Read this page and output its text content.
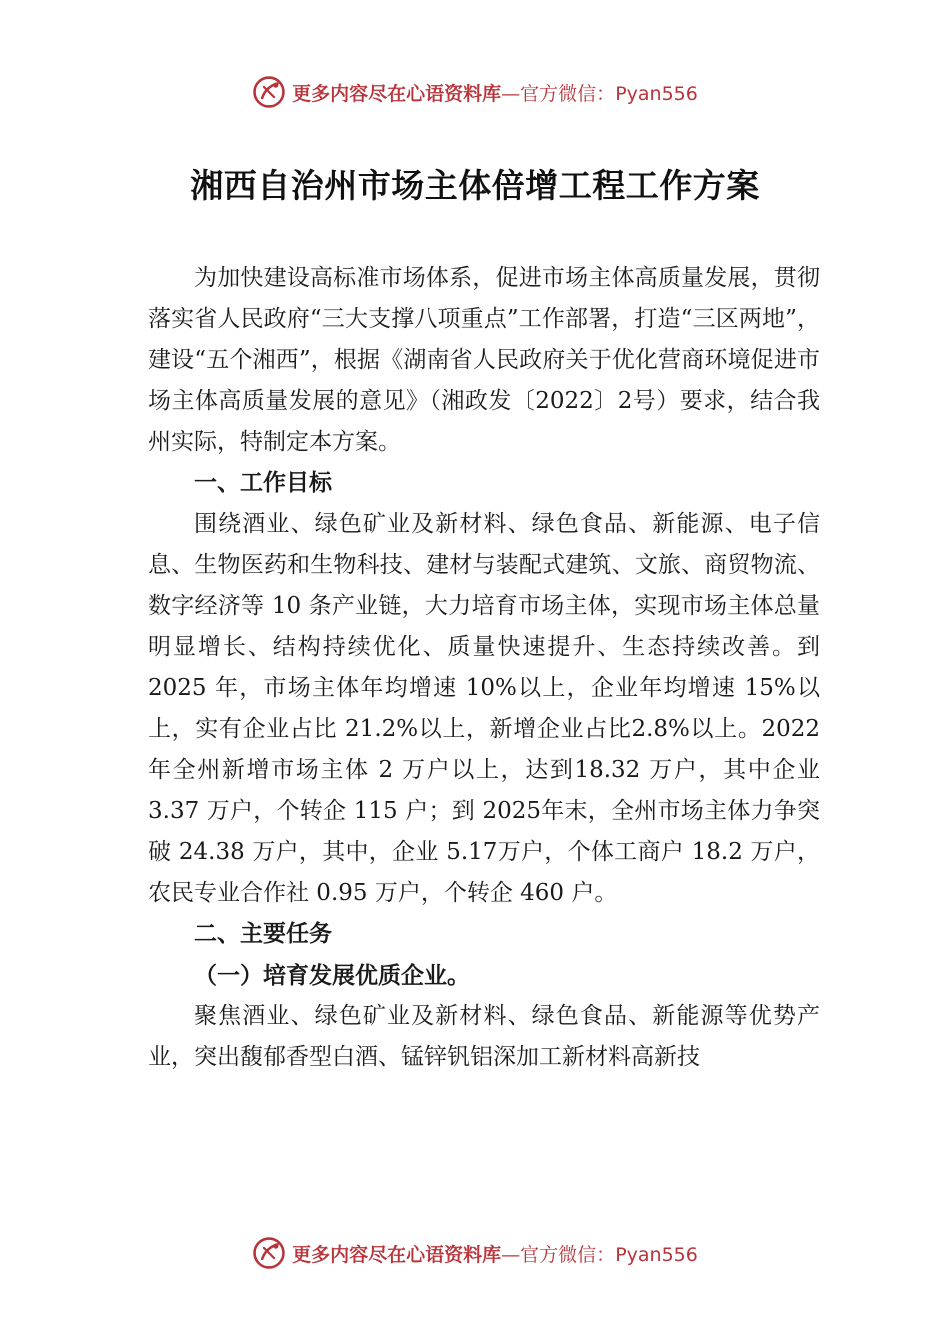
更多内容尽在心语资料库—官方微信：Pyan556
湘西自治州市场主体倍增工程工作方案

为加快建设高标准市场体系，促进市场主体高质量发展，贯彻落实省人民政府“三大支撑八项重点”工作部署，打造“三区两地”，建设“五个湘西”，根据《湖南省人民政府关于优化营商环境促进市场主体高质量发展的意见》（湘政发〔2022〕2号）要求，结合我州实际，特制定本方案。

一、工作目标

围绕酒业、绿色矿业及新材料、绿色食品、新能源、电子信息、生物医药和生物科技、建材与装配式建筑、文旅、商贸物流、数字经济等 10 条产业链，大力培育市场主体，实现市场主体总量明显增长、结构持续优化、质量快速提升、生态持续改善。到 2025 年，市场主体年均增速 10%以上，企业年均增速 15%以上，实有企业占比 21.2%以上，新增企业占比2.8%以上。2022 年全州新增市场主体 2 万户以上，达到18.32 万户，其中企业 3.37 万户，个转企 115 户；到 2025年末，全州市场主体力争突破 24.38 万户，其中，企业 5.17万户，个体工商户 18.2 万户，农民专业合作社 0.95 万户，个转企 460 户。

二、主要任务

（一）培育发展优质企业。

聚焦酒业、绿色矿业及新材料、绿色食品、新能源等优势产业，突出馥郁香型白酒、锰锌钒铝深加工新材料高新技

更多内容尽在心语资料库—官方微信：Pyan556
